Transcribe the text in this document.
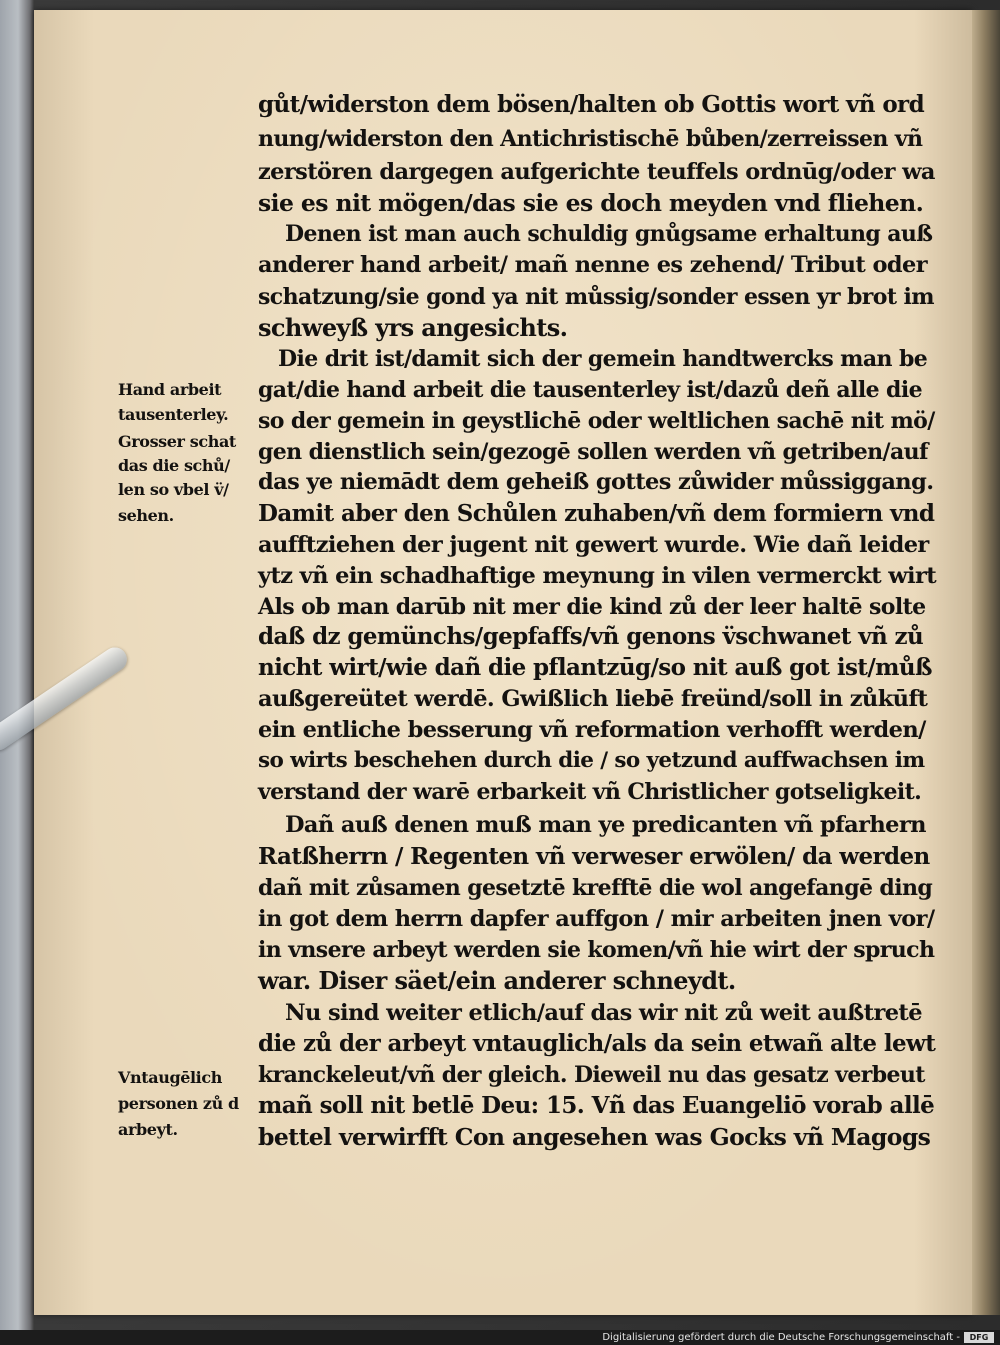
gůt/widerston dem bösen/halten ob Gottis wort vñ ord
nung/widerston den Antichristischē bůben/zerreissen vñ
zerstören dargegen aufgerichte teuffels ordnūg/oder wa
sie es nit mögen/das sie es doch meyden vnd fliehen.
Denen ist man auch schuldig gnůgsame erhaltung auß
anderer hand arbeit/ mañ nenne es zehend/ Tribut oder
schatzung/sie gond ya nit můssig/sonder essen yr brot im
schweyß yrs angesichts.
Die drit ist/damit sich der gemein handtwercks man be
gat/die hand arbeit die tausenterley ist/dazů deñ alle die
so der gemein in geystlichē oder weltlichen sachē nit mö/
gen dienstlich sein/gezogē sollen werden vñ getriben/auf
das ye niemādt dem geheiß gottes zůwider můssiggang.
Damit aber den Schůlen zuhaben/vñ dem formiern vnd
aufftziehen der jugent nit gewert wurde. Wie dañ leider
ytz vñ ein schadhaftige meynung in vilen vermerckt wirt
Als ob man darūb nit mer die kind zů der leer haltē solte
daß dz gemünchs/gepfaffs/vñ genons v̈schwanet vñ zů
nicht wirt/wie dañ die pflantzūg/so nit auß got ist/můß
außgereütet werdē. Gwißlich liebē freünd/soll in zůkūft
ein entliche besserung vñ reformation verhofft werden/
so wirts beschehen durch die / so yetzund auffwachsen im
verstand der warē erbarkeit vñ Christlicher gotseligkeit.
Dañ auß denen muß man ye predicanten vñ pfarhern
Ratßherrn / Regenten vñ verweser erwölen/ da werden
dañ mit zůsamen gesetztē krefftē die wol angefangē ding
in got dem herrn dapfer auffgon / mir arbeiten jnen vor/
in vnsere arbeyt werden sie komen/vñ hie wirt der spruch
war. Diser säet/ein anderer schneydt.
Nu sind weiter etlich/auf das wir nit zů weit außtretē
die zů der arbeyt vntauglich/als da sein etwañ alte lewt
kranckeleut/vñ der gleich. Dieweil nu das gesatz verbeut
mañ soll nit betlē Deu: 15. Vñ das Euangeliō vorab allē
bettel verwirfft Con angesehen was Gocks vñ Magogs
Hand arbeit
tausenterley.
Grosser schat
das die schů/
len so vbel v̈/
sehen.
Vntaugēlich
personen zů d
arbeyt.
Digitalisierung gefördert durch die Deutsche Forschungsgemeinschaft -	DFG
